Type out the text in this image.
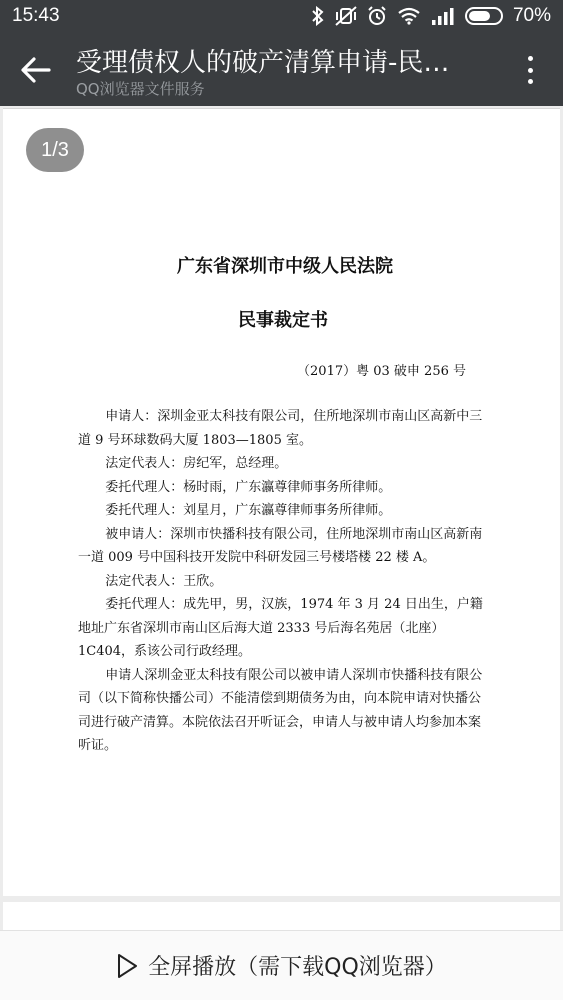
15:43	70%
受理债权人的破产清算申请-民…
QQ浏览器文件服务
1/3
广东省深圳市中级人民法院
民事裁定书
（2017）粤 03 破申 256 号

申请人：深圳金亚太科技有限公司，住所地深圳市南山区高新中三道 9 号环球数码大厦 1803—1805 室。

法定代表人：房纪军，总经理。

委托代理人：杨时雨，广东瀛尊律师事务所律师。

委托代理人：刘星月，广东瀛尊律师事务所律师。

被申请人：深圳市快播科技有限公司，住所地深圳市南山区高新南一道 009 号中国科技开发院中科研发园三号楼塔楼 22 楼 A。

法定代表人：王欣。

委托代理人：成先甲，男，汉族，1974 年 3 月 24 日出生，户籍地址广东省深圳市南山区后海大道 2333 号后海名苑居（北座）1C404，系该公司行政经理。

申请人深圳金亚太科技有限公司以被申请人深圳市快播科技有限公司（以下简称快播公司）不能清偿到期债务为由，向本院申请对快播公司进行破产清算。本院依法召开听证会，申请人与被申请人均参加本案听证。

全屏播放（需下载QQ浏览器）
